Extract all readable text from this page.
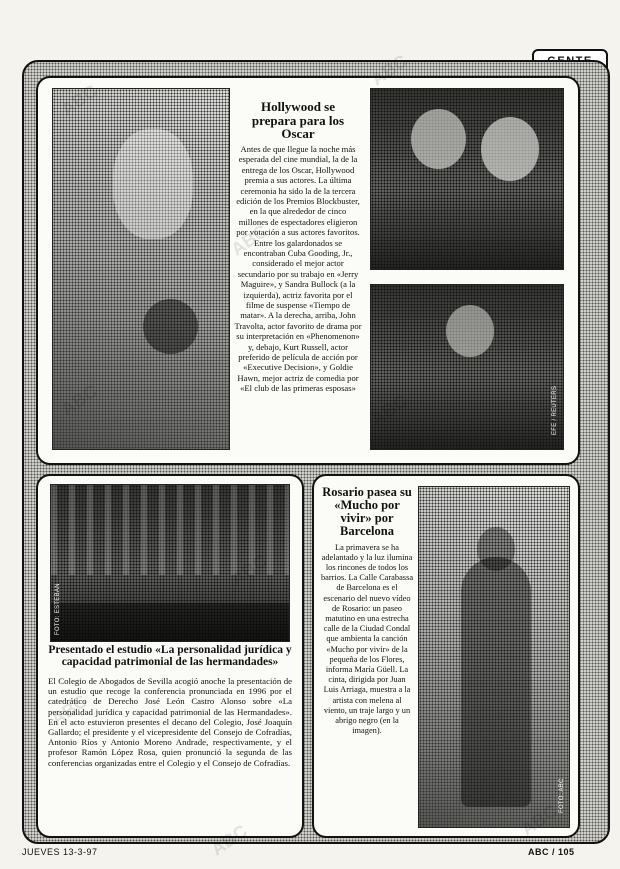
Hollywood se prepara para los Oscar
Antes de que llegue la noche más esperada del cine mundial, la de la entrega de los Oscar, Hollywood premia a sus actores. La última ceremonia ha sido la de la tercera edición de los Premios Blockbuster, en la que alrededor de cinco millones de espectadores eligieron por votación a sus actores favoritos. Entre los galardonados se encontraban Cuba Gooding, Jr., considerado el mejor actor secundario por su trabajo en «Jerry Maguire», y Sandra Bullock (a la izquierda), actriz favorita por el filme de suspense «Tiempo de matar». A la derecha, arriba, John Travolta, actor favorito de drama por su interpretación en «Phenomenon» y, debajo, Kurt Russell, actor preferido de película de acción por «Executive Decision», y Goldie Hawn, mejor actriz de comedia por «El club de las primeras esposas»	EFE / REUTERS
FOTO: ESTEBAN
Presentado el estudio «La personalidad jurídica y capacidad patrimonial de las hermandades»
El Colegio de Abogados de Sevilla acogió anoche la presentación de un estudio que recoge la conferencia pronunciada en 1996 por el catedrático de Derecho José León Castro Alonso sobre «La personalidad jurídica y capacidad patrimonial de las Hermandades». En el acto estuvieron presentes el decano del Colegio, José Joaquín Gallardo; el presidente y el vicepresidente del Consejo de Cofradías, Antonio Ríos y Antonio Moreno Andrade, respectivamente, y el profesor Ramón López Rosa, quien pronunció la segunda de las conferencias organizadas entre el Colegio y el Consejo de Cofradías.
Rosario pasea su «Mucho por vivir» por Barcelona
La primavera se ha adelantado y la luz ilumina los rincones de todos los barrios. La Calle Carabassa de Barcelona es el escenario del nuevo vídeo de Rosario: un paseo matutino en una estrecha calle de la Ciudad Condal que ambienta la canción «Mucho por vivir» de la pequeña de los Flores, informa María Güell. La cinta, dirigida por Juan Luis Arriaga, muestra a la artista con melena al viento, un traje largo y un abrigo negro (en la imagen).
FOTO: ABC
JUEVES 13-3-97	ABC / 105
